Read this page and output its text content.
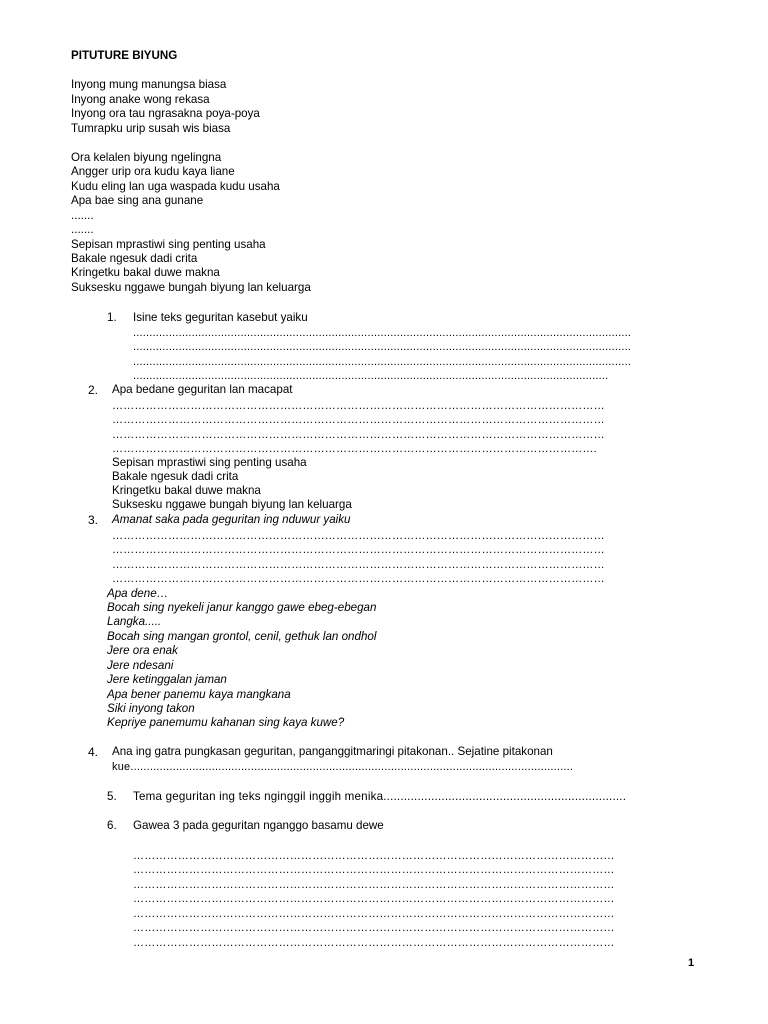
PITUTURE BIYUNG
Inyong mung manungsa biasa
Inyong anake wong rekasa
Inyong ora tau ngrasakna poya-poya
Tumrapku urip susah wis biasa
Ora kelalen biyung ngelingna
Angger urip ora kudu kaya liane
Kudu eling lan uga waspada kudu usaha
Apa bae sing ana gunane
.......
.......
Sepisan mprastiwi sing penting usaha
Bakale ngesuk dadi crita
Kringetku bakal duwe makna
Suksesku nggawe bungah biyung lan keluarga
1. Isine teks geguritan kasebut yaiku
.........................................................................................................................................................
.........................................................................................................................................................
.........................................................................................................................................................
..................................................................................................................................................
2. Apa bedane geguritan lan macapat
……………………………………………………………………………………………………………………
……………………………………………………………………………………………………………………
……………………………………………………………………………………………………………………
………………………………………………………………………………………………………………….
Sepisan mprastiwi sing penting usaha
Bakale ngesuk dadi crita
Kringetku bakal duwe makna
Suksesku nggawe bungah biyung lan keluarga
3. Amanat saka pada geguritan ing nduwur yaiku
……………………………………………………………………………………………………………………
……………………………………………………………………………………………………………………
……………………………………………………………………………………………………………………
……………………………………………………………………………………………………………………
Apa dene…
Bocah sing nyekeli janur kanggo gawe ebeg-ebegan
Langka.....
Bocah sing mangan grontol, cenil, gethuk lan ondhol
Jere ora enak
Jere ndesani
Jere ketinggalan jaman
Apa bener panemu kaya mangkana
Siki inyong takon
Kepriye panemumu kahanan sing kaya kuwe?
4. Ana ing gatra pungkasan geguritan, panganggitmaringi pitakonan.. Sejatine pitakonan
kue........................................................................................................................................
5. Tema geguritan ing teks nginggil inggih menika.......................................................................
6. Gawea 3 pada geguritan nganggo basamu dewe
…………………………………………………………………………………………………………………
…………………………………………………………………………………………………………………
…………………………………………………………………………………………………………………
…………………………………………………………………………………………………………………
…………………………………………………………………………………………………………………
…………………………………………………………………………………………………………………
…………………………………………………………………………………………………………………
1
